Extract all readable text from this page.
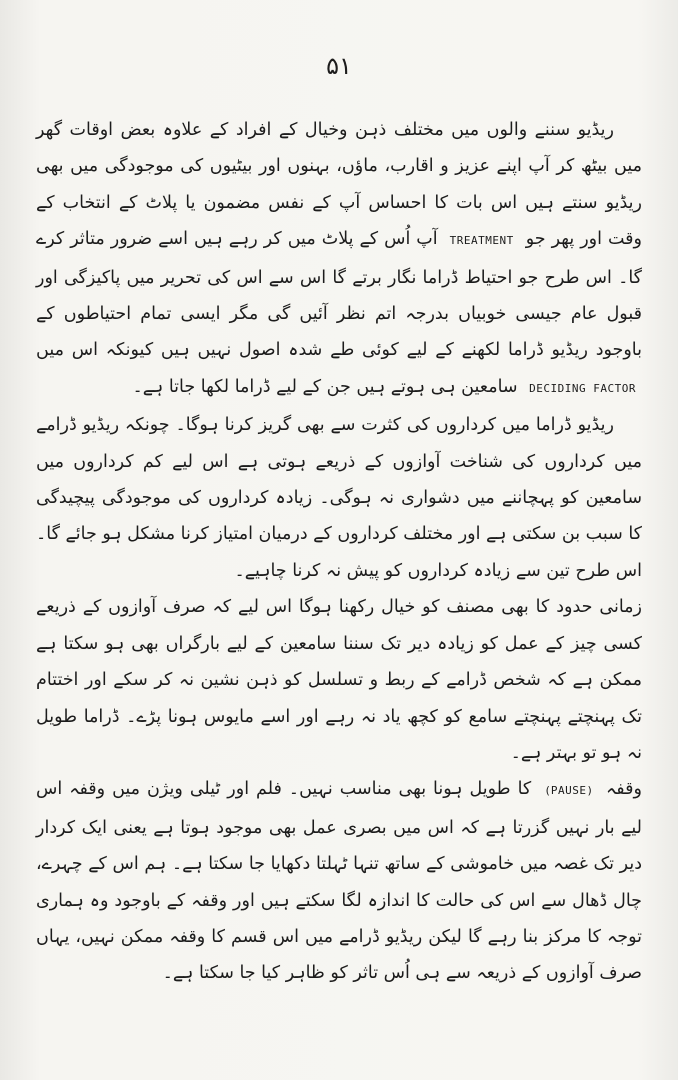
۵۱

ریڈیو سننے والوں میں مختلف ذہن وخیال کے افراد کے علاوہ بعض اوقات گھر میں بیٹھ کر آپ اپنے عزیز و اقارب، ماؤں، بہنوں اور بیٹیوں کی موجودگی میں بھی ریڈیو سنتے ہیں اس بات کا احساس آپ کے نفس مضمون یا پلاٹ کے انتخاب کے وقت اور پھر جو TREATMENT آپ اُس کے پلاٹ میں کر رہے ہیں اسے ضرور متاثر کرے گا۔ اس طرح جو احتیاط ڈراما نگار برتے گا اس سے اس کی تحریر میں پاکیزگی اور قبول عام جیسی خوبیاں بدرجہ اتم نظر آئیں گی مگر ایسی تمام احتیاطوں کے باوجود ریڈیو ڈراما لکھنے کے لیے کوئی طے شدہ اصول نہیں ہیں کیونکہ اس میں DECIDING FACTOR سامعین ہی ہوتے ہیں جن کے لیے ڈراما لکھا جاتا ہے۔

ریڈیو ڈراما میں کرداروں کی کثرت سے بھی گریز کرنا ہوگا۔ چونکہ ریڈیو ڈرامے میں کرداروں کی شناخت آوازوں کے ذریعے ہوتی ہے اس لیے کم کرداروں میں سامعین کو پہچاننے میں دشواری نہ ہوگی۔ زیادہ کرداروں کی موجودگی پیچیدگی کا سبب بن سکتی ہے اور مختلف کرداروں کے درمیان امتیاز کرنا مشکل ہو جائے گا۔ اس طرح تین سے زیادہ کرداروں کو پیش نہ کرنا چاہیے۔

زمانی حدود کا بھی مصنف کو خیال رکھنا ہوگا اس لیے کہ صرف آوازوں کے ذریعے کسی چیز کے عمل کو زیادہ دیر تک سننا سامعین کے لیے بارگراں بھی ہو سکتا ہے ممکن ہے کہ شخص ڈرامے کے ربط و تسلسل کو ذہن نشین نہ کر سکے اور اختتام تک پہنچتے پہنچتے سامع کو کچھ یاد نہ رہے اور اسے مایوس ہونا پڑے۔ ڈراما طویل نہ ہو تو بہتر ہے۔

وقفہ (PAUSE) کا طویل ہونا بھی مناسب نہیں۔ فلم اور ٹیلی ویژن میں وقفہ اس لیے بار نہیں گزرتا ہے کہ اس میں بصری عمل بھی موجود ہوتا ہے یعنی ایک کردار دیر تک غصہ میں خاموشی کے ساتھ تنہا ٹہلتا دکھایا جا سکتا ہے۔ ہم اس کے چہرے، چال ڈھال سے اس کی حالت کا اندازہ لگا سکتے ہیں اور وقفہ کے باوجود وہ ہماری توجہ کا مرکز بنا رہے گا لیکن ریڈیو ڈرامے میں اس قسم کا وقفہ ممکن نہیں، یہاں صرف آوازوں کے ذریعہ سے ہی اُس تاثر کو ظاہر کیا جا سکتا ہے۔
